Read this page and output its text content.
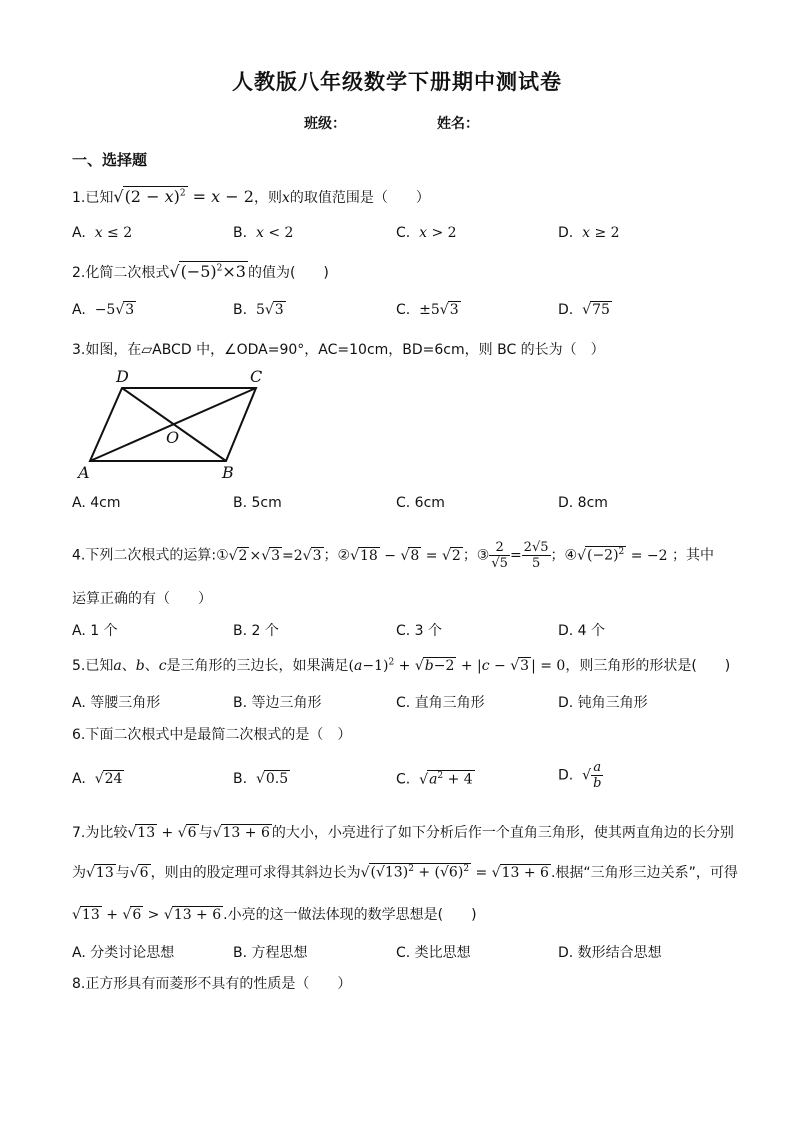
人教版八年级数学下册期中测试卷
班级：	姓名：
一、选择题
1.已知$√(2 - x)^2 = x - 2$，则x的取值范围是（　　）
A. x ≤ 2	B. x < 2	C. x > 2	D. x ≥ 2
2.化简二次根式$√(-5)^2\times 3$ 的值为(　　)
A. −5√3	B. 5√3	C. ±5√3	D. √75
3.如图，在▱ABCD 中，∠ODA=90°，AC=10cm，BD=6cm，则 BC 的长为（　）
D	C
O
A	B
A. 4cm	B. 5cm	C. 6cm	D. 8cm
4.下列二次根式的运算:①√2 ×√3 =2√3 ；②√18 − √8 = √2 ；③ $\frac{2}{√5} = \frac{2√5}{5}$ ；$④√(-2)^2 = -2$ ；其中
运算正确的有（　　）
A. 1 个	B. 2 个	C. 3 个	D. 4 个
5.已知a、b、c是三角形的三边长，如果满足$(a-1)^2 + √b-2 + |c - √3$ | = 0，则三角形的形状是(　　)
A. 等腰三角形	B. 等边三角形	C. 直角三角形	D. 钝角三角形
6.下面二次根式中是最简二次根式的是（　）
A. √24	B. √0.5	C. $√a^2 + 4$	D. √ $\frac{a}{b}$
7.为比较√13 + √6 与√13 + 6 的大小，小亮进行了如下分析后作一个直角三角形，使其两直角边的长分别
为√13 与√6 ，则由的股定理可求得其斜边长为$√(√13)^2 + (√6)^2 = √13 + 6$ .根据“三角形三边关系”，可得
√13 + √6 > √13 + 6 .小亮的这一做法体现的数学思想是(　　)
A. 分类讨论思想	B. 方程思想	C. 类比思想	D. 数形结合思想
8.正方形具有而菱形不具有的性质是（　　）
